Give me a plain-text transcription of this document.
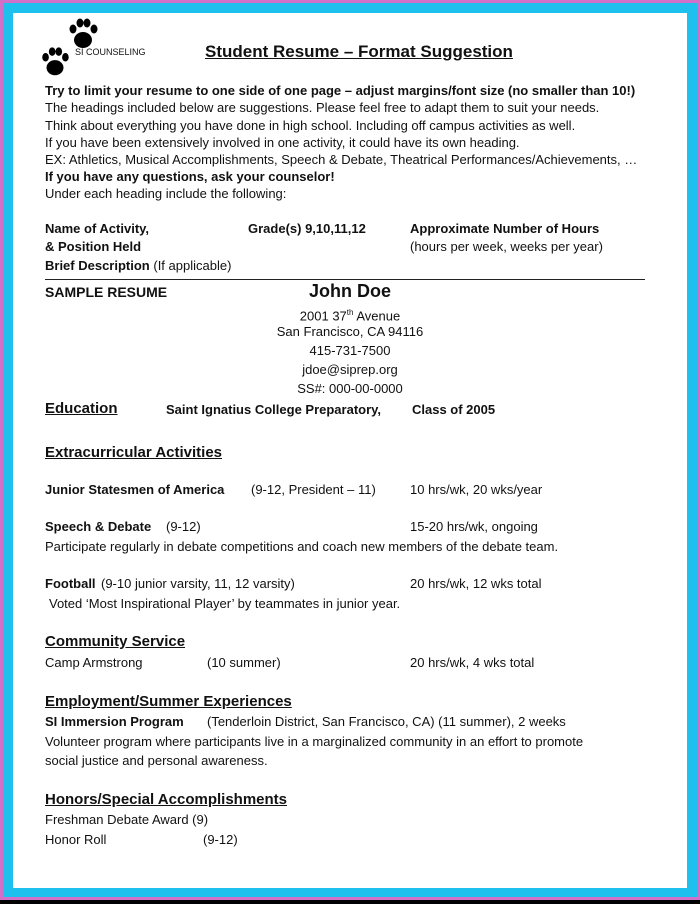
SI COUNSELING	Student Resume – Format Suggestion
Try to limit your resume to one side of one page – adjust margins/font size (no smaller than 10!)
The headings included below are suggestions. Please feel free to adapt them to suit your needs.
Think about everything you have done in high school. Including off campus activities as well.
If you have been extensively involved in one activity, it could have its own heading.
EX: Athletics, Musical Accomplishments, Speech & Debate, Theatrical Performances/Achievements, …
If you have any questions, ask your counselor!
Under each heading include the following:
Name of Activity,
& Position Held
Grade(s) 9,10,11,12	Approximate Number of Hours
(hours per week, weeks per year)
Brief Description (If applicable)
SAMPLE RESUME	John Doe
2001 37th Avenue
San Francisco, CA 94116
415-731-7500
jdoe@siprep.org
SS#: 000-00-0000
Education	Saint Ignatius College Preparatory, Class of 2005
Extracurricular Activities
Junior Statesmen of America (9-12, President – 11)	10 hrs/wk, 20 wks/year
Speech & Debate (9-12)	15-20 hrs/wk, ongoing
Participate regularly in debate competitions and coach new members of the debate team.
Football (9-10 junior varsity, 11, 12 varsity)	20 hrs/wk, 12 wks total
Voted ‘Most Inspirational Player’ by teammates in junior year.
Community Service
Camp Armstrong	(10 summer)	20 hrs/wk, 4 wks total
Employment/Summer Experiences
SI Immersion Program (Tenderloin District, San Francisco, CA) (11 summer), 2 weeks
Volunteer program where participants live in a marginalized community in an effort to promote
social justice and personal awareness.
Honors/Special Accomplishments
Freshman Debate Award (9)
Honor Roll	(9-12)
